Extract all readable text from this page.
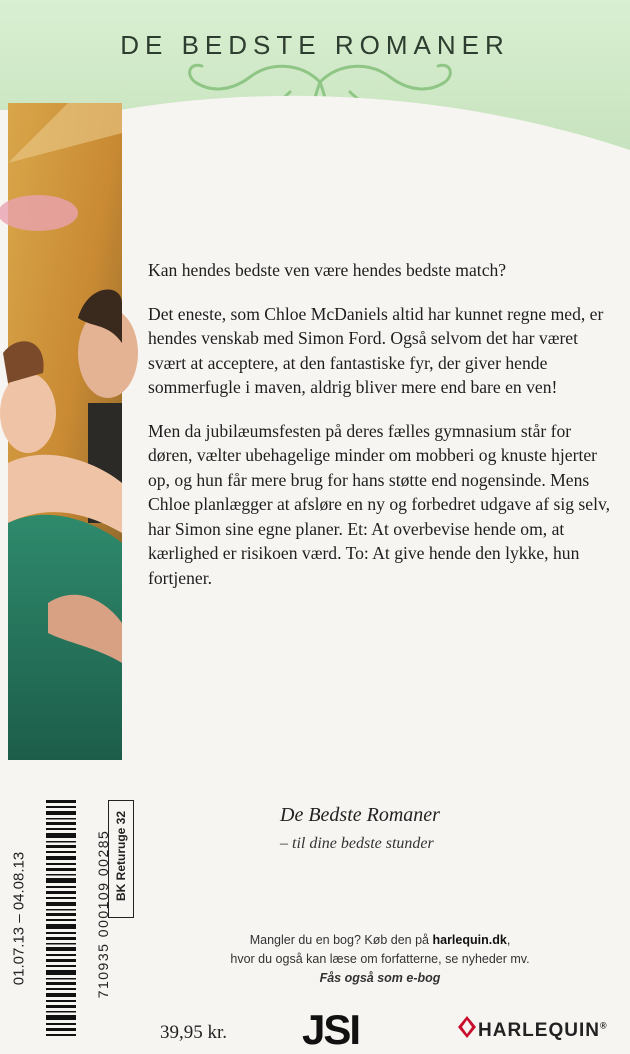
DE BEDSTE ROMANER

Kan hendes bedste ven være hendes bedste match?

Det eneste, som Chloe McDaniels altid har kunnet regne med, er hendes venskab med Simon Ford. Også selvom det har været svært at acceptere, at den fantastiske fyr, der giver hende sommerfugle i maven, aldrig bliver mere end bare en ven!

Men da jubilæumsfesten på deres fælles gymnasium står for døren, vælter ubehagelige minder om mobberi og knuste hjerter op, og hun får mere brug for hans støtte end nogensinde. Mens Chloe planlægger at afsløre en ny og forbedret udgave af sig selv, har Simon sine egne planer. Et: At overbevise hende om, at kærlighed er risikoen værd. To: At give hende den lykke, hun fortjener.

De Bedste Romaner
– til dine bedste stunder
01.07.13 – 04.08.13	710935 000109 00285 BK Returuge 32
Mangler du en bog? Køb den på harlequin.dk,
hvor du også kan læse om forfatterne, se nyheder mv.
Fås også som e-bog
39,95 kr. JSI	HARLEQUIN®
